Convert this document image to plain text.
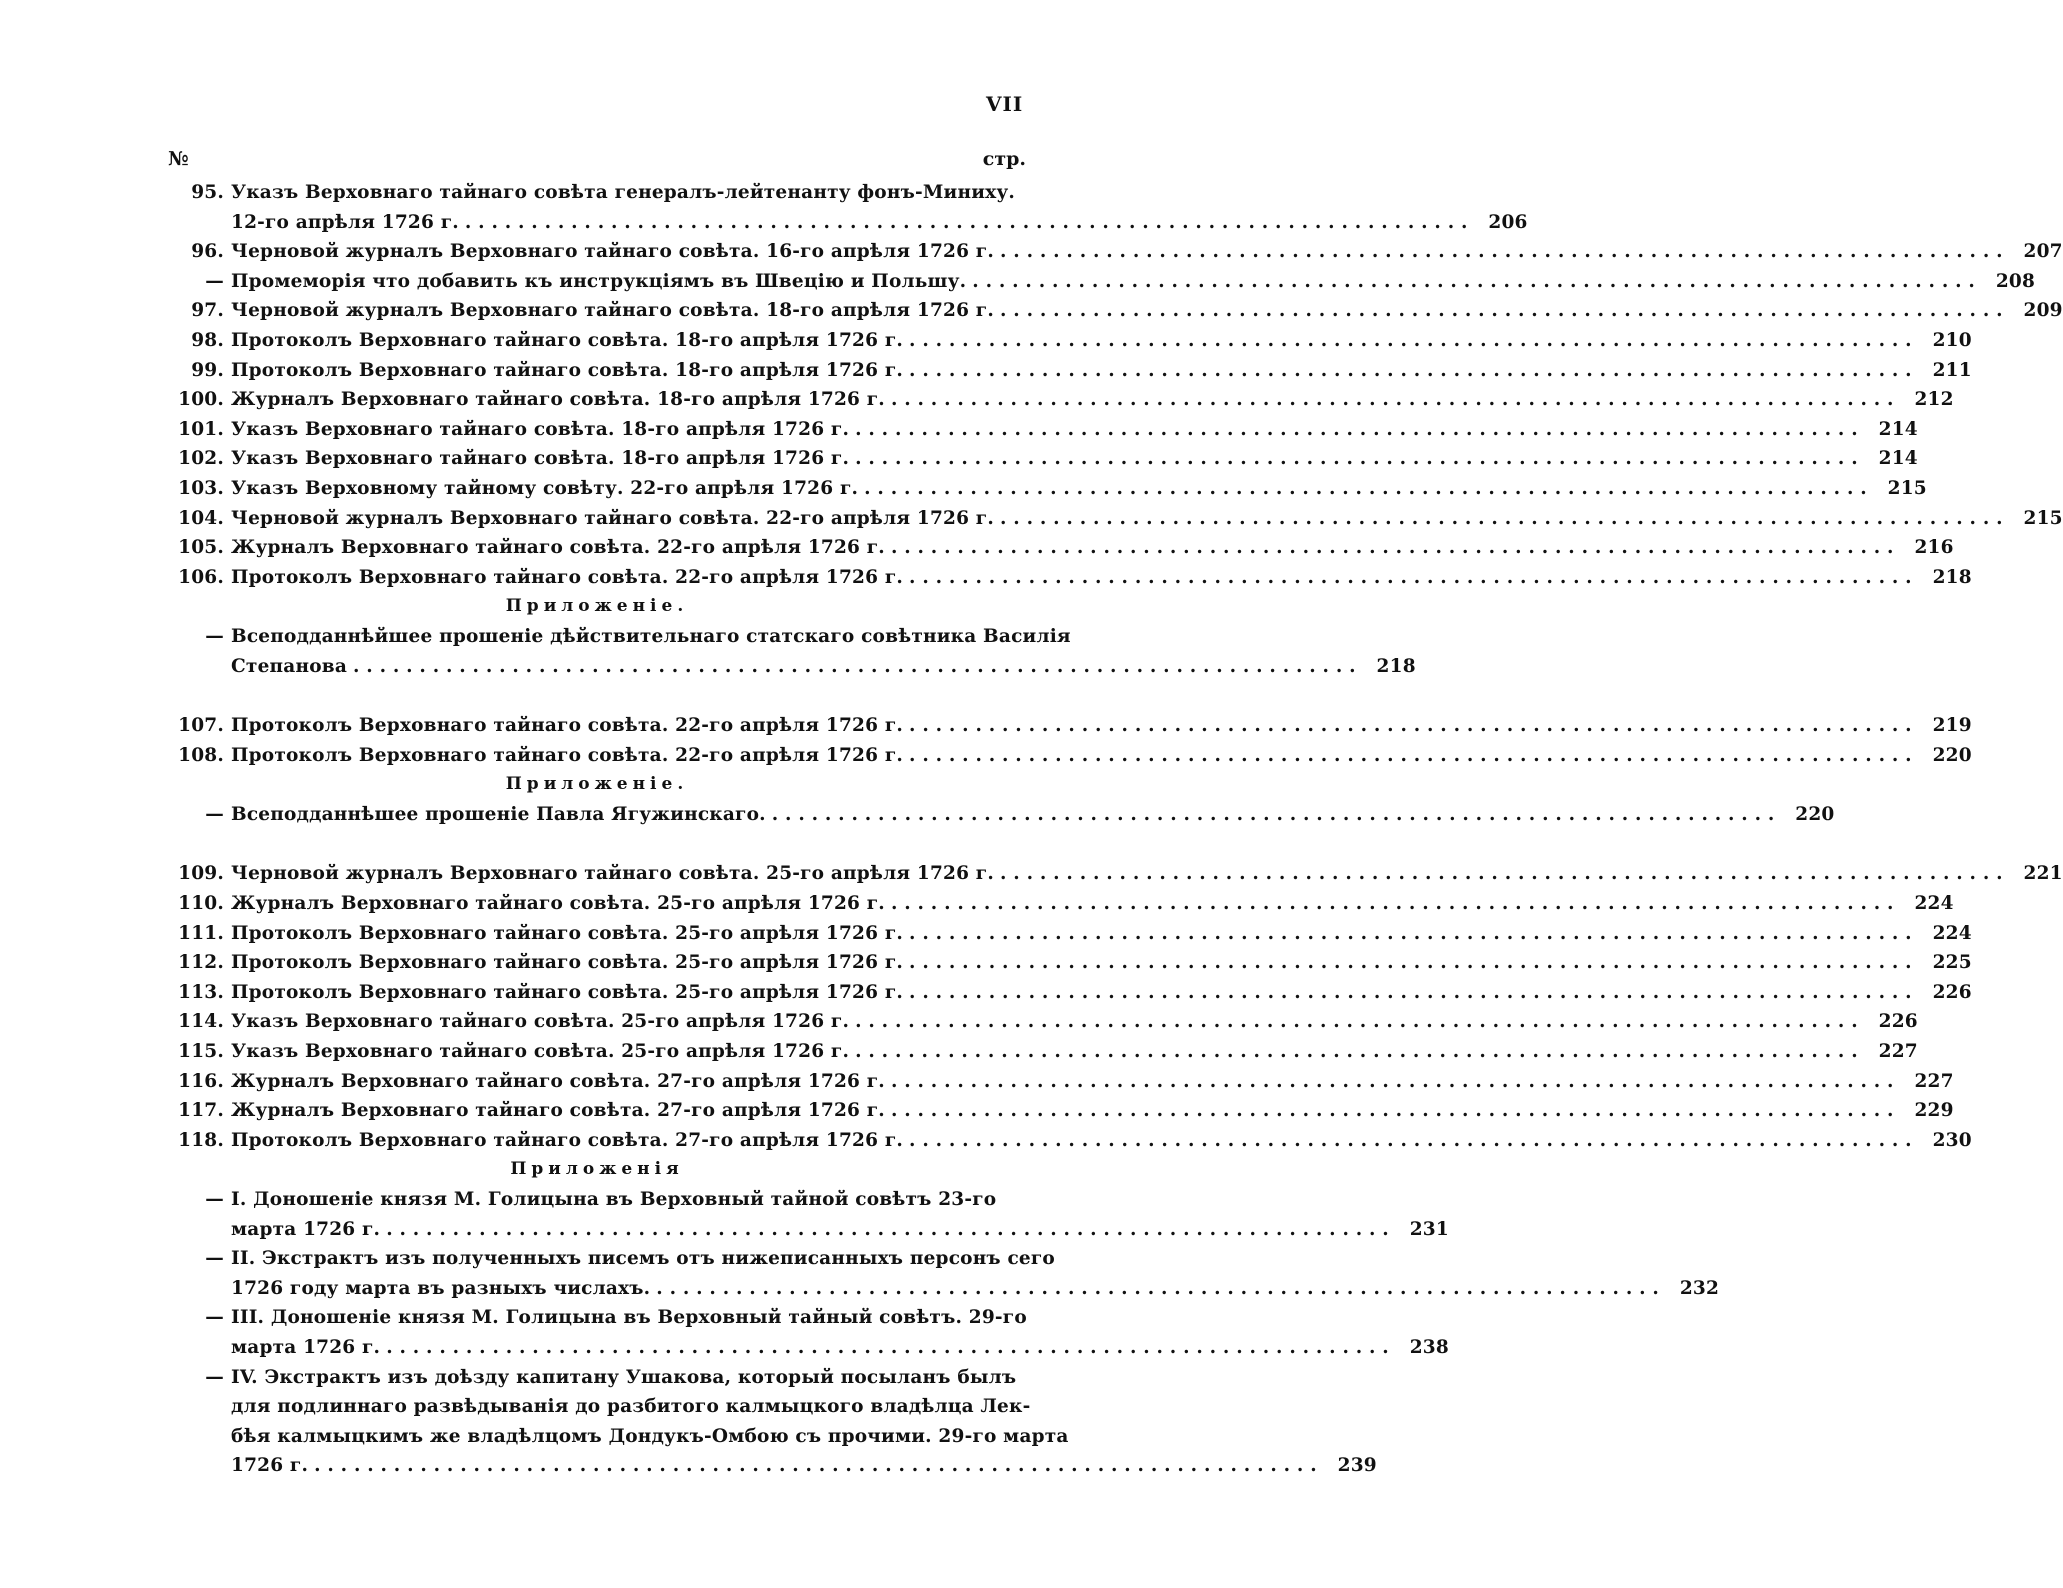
VII
№	стр.
95. Указъ Верховнаго тайнаго совѣта генералъ-лейтенанту фонъ-Миниху.
12-го апрѣля 1726 г. . . .	206
96. Черновой журналъ Верховнаго тайнаго совѣта. 16-го апрѣля 1726 г. . . .	207
— Промеморія что добавить къ инструкціямъ въ Швецію и Польшу. . . .	208
97. Черновой журналъ Верховнаго тайнаго совѣта. 18-го апрѣля 1726 г. . . .	209
98. Протоколъ Верховнаго тайнаго совѣта. 18-го апрѣля 1726 г. . . .	210
99. Протоколъ Верховнаго тайнаго совѣта. 18-го апрѣля 1726 г. . . .	211
100. Журналъ Верховнаго тайнаго совѣта. 18-го апрѣля 1726 г. . . .	212
101. Указъ Верховнаго тайнаго совѣта. 18-го апрѣля 1726 г. . . .	214
102. Указъ Верховнаго тайнаго совѣта. 18-го апрѣля 1726 г. . . .	214
103. Указъ Верховному тайному совѣту. 22-го апрѣля 1726 г. . . .	215
104. Черновой журналъ Верховнаго тайнаго совѣта. 22-го апрѣля 1726 г. . . .	215
105. Журналъ Верховнаго тайнаго совѣта. 22-го апрѣля 1726 г. . . .	216
106. Протоколъ Верховнаго тайнаго совѣта. 22-го апрѣля 1726 г. . . .	218
Приложеніе.
— Всеподданнѣйшее прошеніе дѣйствительнаго статскаго совѣтника Василія
Степанова . . .	218
107. Протоколъ Верховнаго тайнаго совѣта. 22-го апрѣля 1726 г. . . .	219
108. Протоколъ Верховнаго тайнаго совѣта. 22-го апрѣля 1726 г. . . .	220
Приложеніе.
— Всеподданнѣшее прошеніе Павла Ягужинскаго. . . .	220
109. Черновой журналъ Верховнаго тайнаго совѣта. 25-го апрѣля 1726 г. . . .	221
110. Журналъ Верховнаго тайнаго совѣта. 25-го апрѣля 1726 г. . . .	224
111. Протоколъ Верховнаго тайнаго совѣта. 25-го апрѣля 1726 г. . . .	224
112. Протоколъ Верховнаго тайнаго совѣта. 25-го апрѣля 1726 г. . . .	225
113. Протоколъ Верховнаго тайнаго совѣта. 25-го апрѣля 1726 г. . . .	226
114. Указъ Верховнаго тайнаго совѣта. 25-го апрѣля 1726 г. . . .	226
115. Указъ Верховнаго тайнаго совѣта. 25-го апрѣля 1726 г. . . .	227
116. Журналъ Верховнаго тайнаго совѣта. 27-го апрѣля 1726 г. . . .	227
117. Журналъ Верховнаго тайнаго совѣта. 27-го апрѣля 1726 г. . . .	229
118. Протоколъ Верховнаго тайнаго совѣта. 27-го апрѣля 1726 г. . . .	230
Приложенія
— I. Доношеніе князя М. Голицына въ Верховный тайной совѣтъ 23-го
марта 1726 г. . . .	231
— II. Экстрактъ изъ полученныхъ писемъ отъ нижеписанныхъ персонъ сего
1726 году марта въ разныхъ числахъ. . . .	232
— III. Доношеніе князя М. Голицына въ Верховный тайный совѣтъ. 29-го
марта 1726 г. . . .	238
— IV. Экстрактъ изъ доѣзду капитану Ушакова, который посыланъ былъ
для подлиннаго развѣдыванія до разбитого калмыцкого владѣлца Лек-
бѣя калмыцкимъ же владѣлцомъ Дондукъ-Омбою съ прочими. 29-го марта
1726 г. . . .	239
